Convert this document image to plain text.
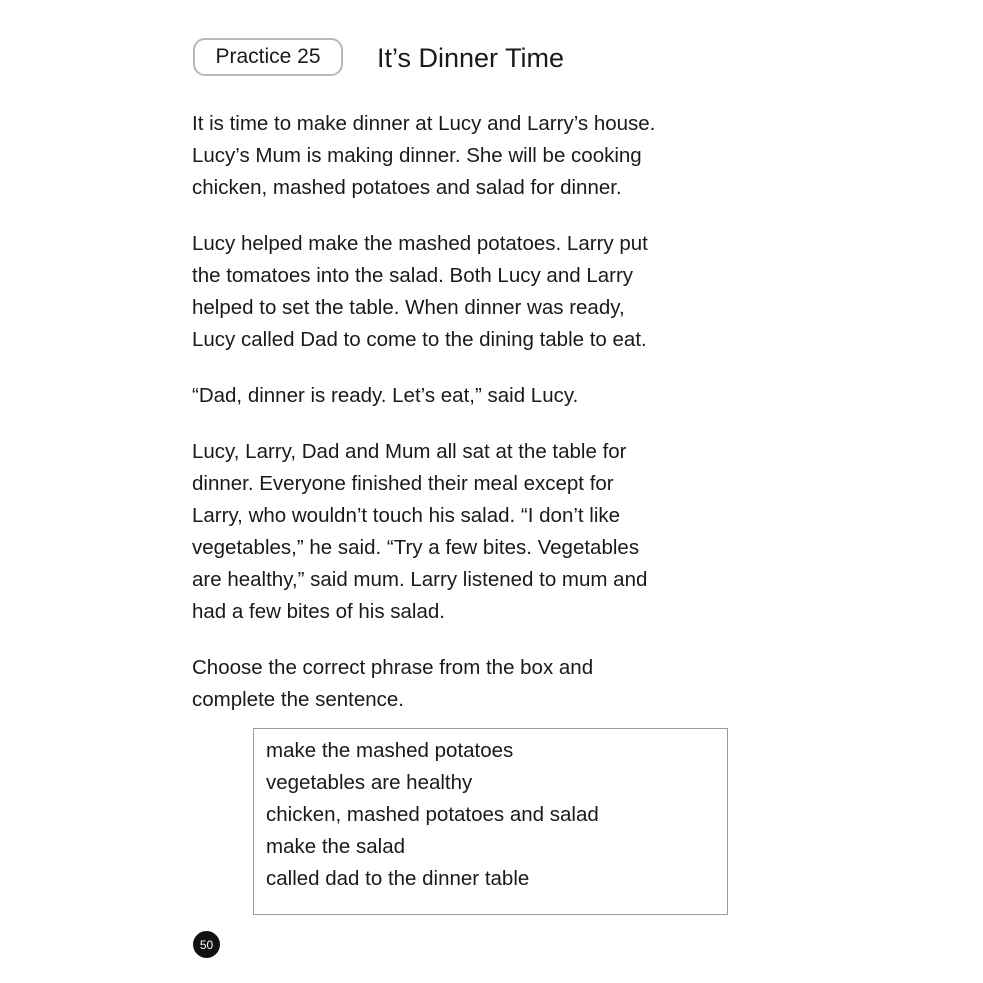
Practice 25 It’s Dinner Time

It is time to make dinner at Lucy and Larry’s house.
Lucy’s Mum is making dinner. She will be cooking
chicken, mashed potatoes and salad for dinner.

Lucy helped make the mashed potatoes. Larry put
the tomatoes into the salad. Both Lucy and Larry
helped to set the table. When dinner was ready,
Lucy called Dad to come to the dining table to eat.

“Dad, dinner is ready. Let’s eat,” said Lucy.

Lucy, Larry, Dad and Mum all sat at the table for
dinner. Everyone finished their meal except for
Larry, who wouldn’t touch his salad. “I don’t like
vegetables,” he said. “Try a few bites. Vegetables
are healthy,” said mum. Larry listened to mum and
had a few bites of his salad.

Choose the correct phrase from the box and
complete the sentence.

make the mashed potatoes
vegetables are healthy
chicken, mashed potatoes and salad
make the salad
called dad to the dinner table
50
